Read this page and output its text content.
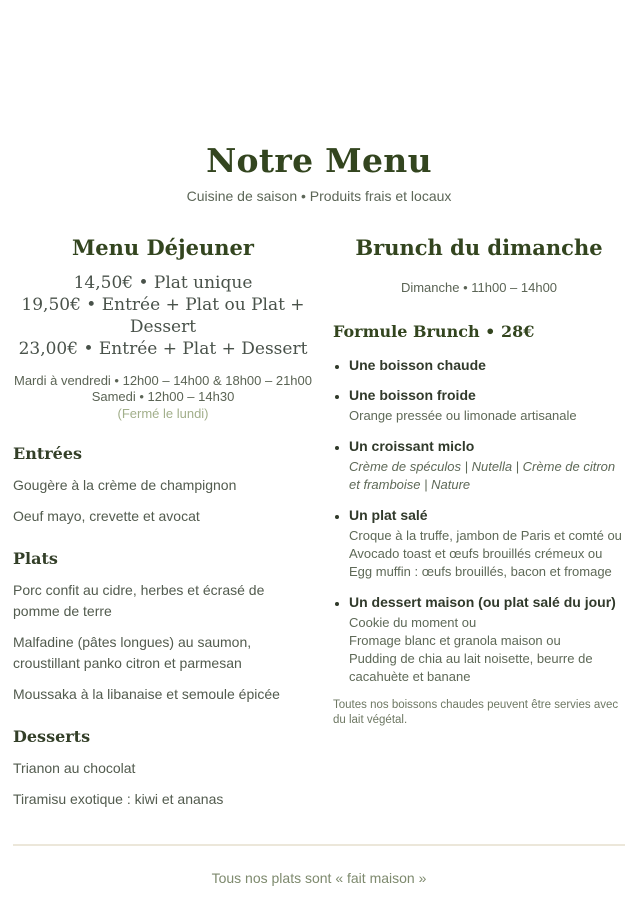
Notre Menu
Cuisine de saison • Produits frais et locaux
Menu Déjeuner
14,50€ • Plat unique
19,50€ • Entrée + Plat ou Plat + Dessert
23,00€ • Entrée + Plat + Dessert
Mardi à vendredi • 12h00 – 14h00 & 18h00 – 21h00
Samedi • 12h00 – 14h30
(Fermé le lundi)
Entrées
Gougère à la crème de champignon
Oeuf mayo, crevette et avocat
Plats
Porc confit au cidre, herbes et écrasé de pomme de terre
Malfadine (pâtes longues) au saumon, croustillant panko citron et parmesan
Moussaka à la libanaise et semoule épicée
Desserts
Trianon au chocolat
Tiramisu exotique : kiwi et ananas
Brunch du dimanche
Dimanche • 11h00 – 14h00
Formule Brunch • 28€
• Une boisson chaude
• Une boisson froide
Orange pressée ou limonade artisanale
• Un croissant miclo
Crème de spéculos | Nutella | Crème de citron et framboise | Nature
• Un plat salé
Croque à la truffe, jambon de Paris et comté ou
Avocado toast et œufs brouillés crémeux ou
Egg muffin : œufs brouillés, bacon et fromage
• Un dessert maison (ou plat salé du jour)
Cookie du moment ou
Fromage blanc et granola maison ou
Pudding de chia au lait noisette, beurre de cacahuète et banane
Toutes nos boissons chaudes peuvent être servies avec du lait végétal.
Tous nos plats sont « fait maison »
